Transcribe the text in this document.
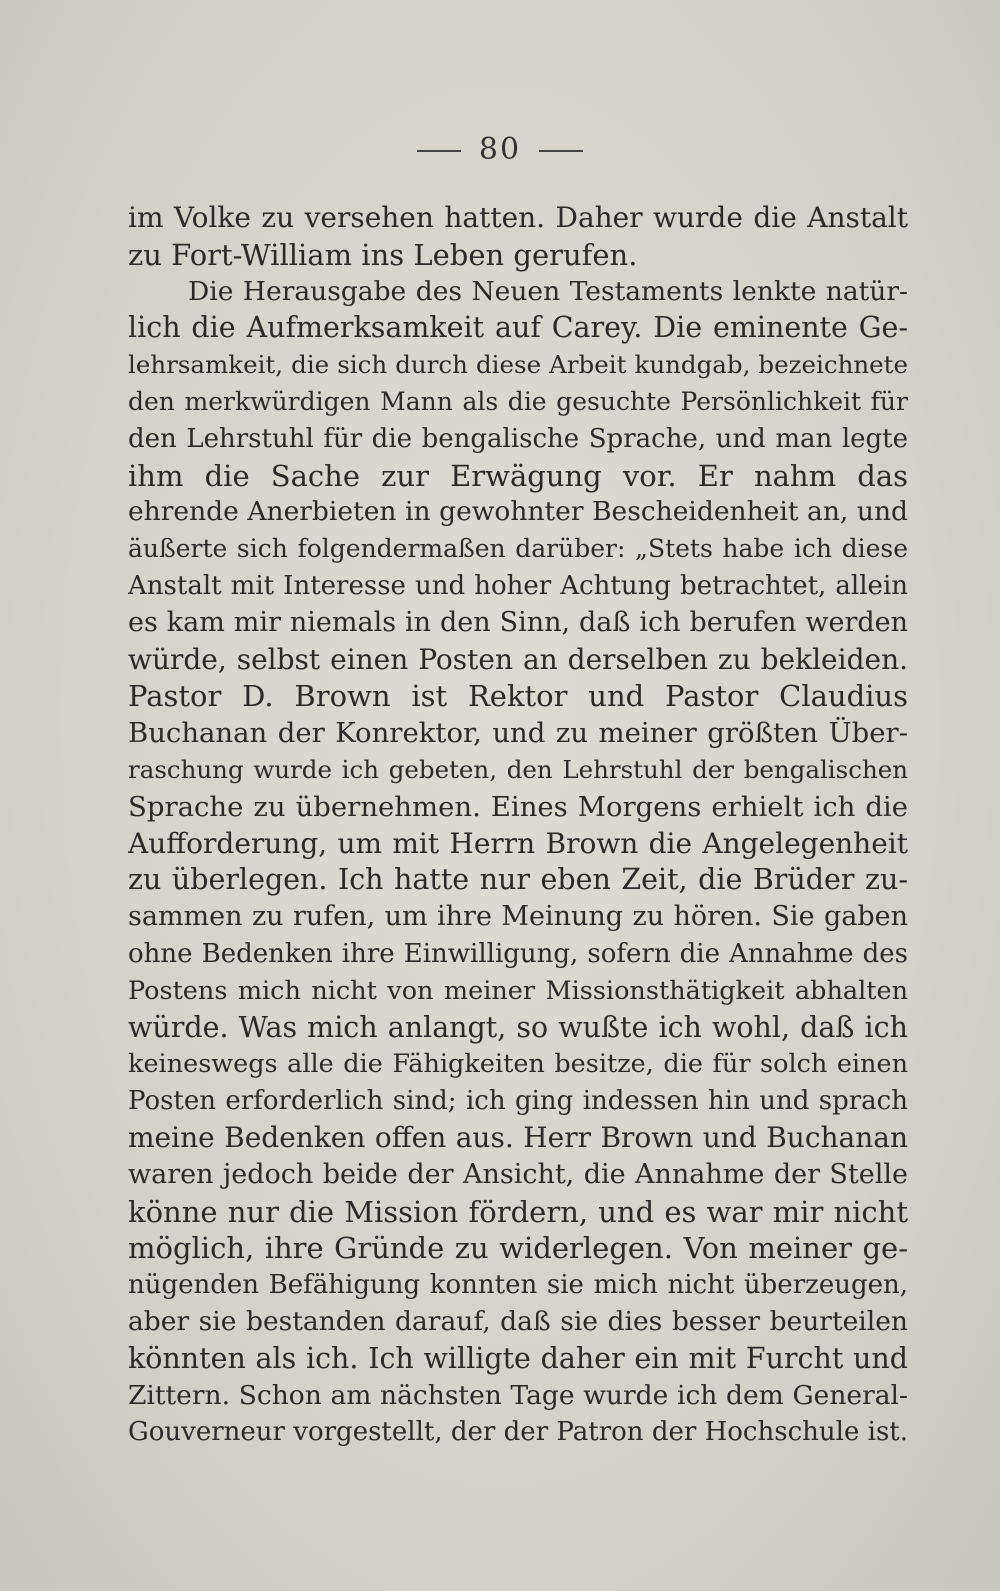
80
im Volke zu versehen hatten. Daher wurde die Anstalt
zu Fort-William ins Leben gerufen.
Die Herausgabe des Neuen Testaments lenkte natür-
lich die Aufmerksamkeit auf Carey. Die eminente Ge-
lehrsamkeit, die sich durch diese Arbeit kundgab, bezeichnete
den merkwürdigen Mann als die gesuchte Persönlichkeit für
den Lehrstuhl für die bengalische Sprache, und man legte
ihm die Sache zur Erwägung vor. Er nahm das
ehrende Anerbieten in gewohnter Bescheidenheit an, und
äußerte sich folgendermaßen darüber: „Stets habe ich diese
Anstalt mit Interesse und hoher Achtung betrachtet, allein
es kam mir niemals in den Sinn, daß ich berufen werden
würde, selbst einen Posten an derselben zu bekleiden.
Pastor D. Brown ist Rektor und Pastor Claudius
Buchanan der Konrektor, und zu meiner größten Über-
raschung wurde ich gebeten, den Lehrstuhl der bengalischen
Sprache zu übernehmen. Eines Morgens erhielt ich die
Aufforderung, um mit Herrn Brown die Angelegenheit
zu überlegen. Ich hatte nur eben Zeit, die Brüder zu-
sammen zu rufen, um ihre Meinung zu hören. Sie gaben
ohne Bedenken ihre Einwilligung, sofern die Annahme des
Postens mich nicht von meiner Missionsthätigkeit abhalten
würde. Was mich anlangt, so wußte ich wohl, daß ich
keineswegs alle die Fähigkeiten besitze, die für solch einen
Posten erforderlich sind; ich ging indessen hin und sprach
meine Bedenken offen aus. Herr Brown und Buchanan
waren jedoch beide der Ansicht, die Annahme der Stelle
könne nur die Mission fördern, und es war mir nicht
möglich, ihre Gründe zu widerlegen. Von meiner ge-
nügenden Befähigung konnten sie mich nicht überzeugen,
aber sie bestanden darauf, daß sie dies besser beurteilen
könnten als ich. Ich willigte daher ein mit Furcht und
Zittern. Schon am nächsten Tage wurde ich dem General-
Gouverneur vorgestellt, der der Patron der Hochschule ist.
